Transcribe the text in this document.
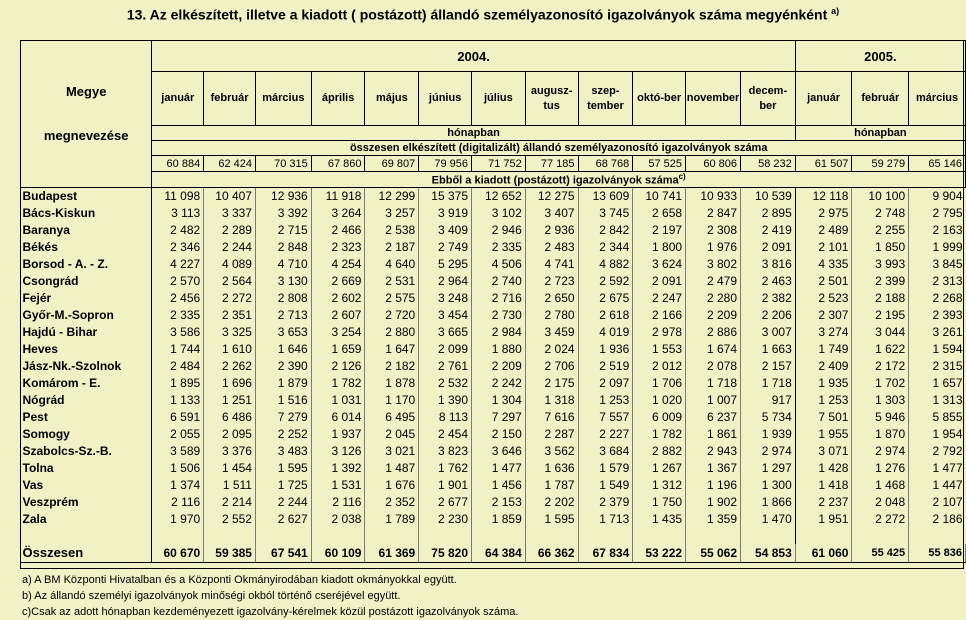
13. Az elkészített, illetve a kiadott ( postázott) állandó személyazonosító igazolványok száma megyénként $^{a)}$
Megye
megnevezése	2004.												2005.		
	január	február	március	április	május	június	július	augusz-tus	szep-tember	októ-ber	november	decem-ber	január	február	március
	hónapban												hónapban		
	összesen elkészített (digitalizált) állandó személyazonosító igazolványok száma														
	60 884	62 424	70 315	67 860	69 807	79 956	71 752	77 185	68 768	57 525	60 806	58 232	61 507	59 279	65 146
	Ebből a kiadott (postázott) igazolványok száma$^{c)}$
Budapest	11 098	10 407	12 936	11 918	12 299	15 375	12 652	12 275	13 609	10 741	10 933	10 539	12 118	10 100	9 904
Bács-Kiskun	3 113	3 337	3 392	3 264	3 257	3 919	3 102	3 407	3 745	2 658	2 847	2 895	2 975	2 748	2 795
Baranya	2 482	2 289	2 715	2 466	2 538	3 409	2 946	2 936	2 842	2 197	2 308	2 419	2 489	2 255	2 163
Békés	2 346	2 244	2 848	2 323	2 187	2 749	2 335	2 483	2 344	1 800	1 976	2 091	2 101	1 850	1 999
Borsod - A. - Z.	4 227	4 089	4 710	4 254	4 640	5 295	4 506	4 741	4 882	3 624	3 802	3 816	4 335	3 993	3 845
Csongrád	2 570	2 564	3 130	2 669	2 531	2 964	2 740	2 723	2 592	2 091	2 479	2 463	2 501	2 399	2 313
Fejér	2 456	2 272	2 808	2 602	2 575	3 248	2 716	2 650	2 675	2 247	2 280	2 382	2 523	2 188	2 268
Győr-M.-Sopron	2 335	2 351	2 713	2 607	2 720	3 454	2 730	2 780	2 618	2 166	2 209	2 206	2 307	2 195	2 393
Hajdú - Bihar	3 586	3 325	3 653	3 254	2 880	3 665	2 984	3 459	4 019	2 978	2 886	3 007	3 274	3 044	3 261
Heves	1 744	1 610	1 646	1 659	1 647	2 099	1 880	2 024	1 936	1 553	1 674	1 663	1 749	1 622	1 594
Jász-Nk.-Szolnok	2 484	2 262	2 390	2 126	2 182	2 761	2 209	2 706	2 519	2 012	2 078	2 157	2 409	2 172	2 315
Komárom - E.	1 895	1 696	1 879	1 782	1 878	2 532	2 242	2 175	2 097	1 706	1 718	1 718	1 935	1 702	1 657
Nógrád	1 133	1 251	1 516	1 031	1 170	1 390	1 304	1 318	1 253	1 020	1 007	917	1 253	1 303	1 313
Pest	6 591	6 486	7 279	6 014	6 495	8 113	7 297	7 616	7 557	6 009	6 237	5 734	7 501	5 946	5 855
Somogy	2 055	2 095	2 252	1 937	2 045	2 454	2 150	2 287	2 227	1 782	1 861	1 939	1 955	1 870	1 954
Szabolcs-Sz.-B.	3 589	3 376	3 483	3 126	3 021	3 823	3 646	3 562	3 684	2 882	2 943	2 974	3 071	2 974	2 792
Tolna	1 506	1 454	1 595	1 392	1 487	1 762	1 477	1 636	1 579	1 267	1 367	1 297	1 428	1 276	1 477
Vas	1 374	1 511	1 725	1 531	1 676	1 901	1 456	1 787	1 549	1 312	1 196	1 300	1 418	1 468	1 447
Veszprém	2 116	2 214	2 244	2 116	2 352	2 677	2 153	2 202	2 379	1 750	1 902	1 866	2 237	2 048	2 107
Zala	1 970	2 552	2 627	2 038	1 789	2 230	1 859	1 595	1 713	1 435	1 359	1 470	1 951	2 272	2 186

Összesen	60 670	59 385	67 541	60 109	61 369	75 820	64 384	66 362	67 834	53 222	55 062	54 853	61 060	55 425	55 836
a) A BM Központi Hivatalban és a Központi Okmányirodában kiadott okmányokkal együtt.
b) Az állandó személyi igazolványok minőségi okból történő cseréjével együtt.
c)Csak az adott hónapban kezdeményezett igazolvány-kérelmek közül postázott igazolványok száma.
